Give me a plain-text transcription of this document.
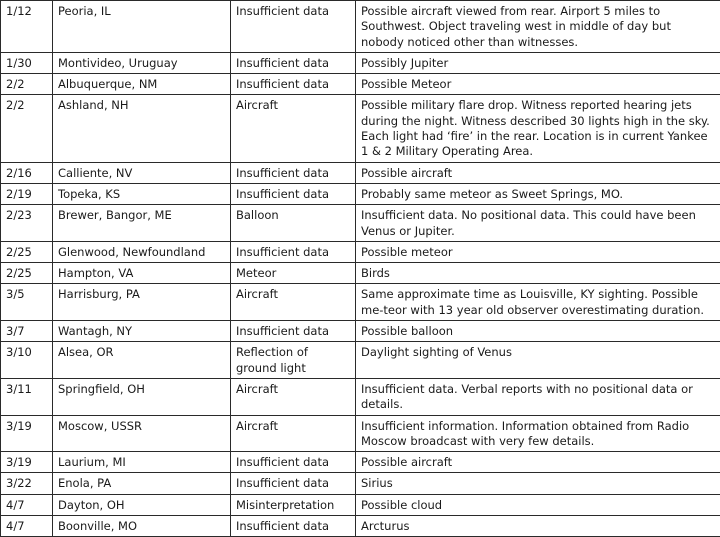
1/12	Peoria, IL	Insufficient data	Possible aircraft viewed from rear. Airport 5 miles to Southwest. Object traveling west in middle of day but nobody noticed other than witnesses.
1/30	Montivideo, Uruguay	Insufficient data	Possibly Jupiter
2/2	Albuquerque, NM	Insufficient data	Possible Meteor
2/2	Ashland, NH	Aircraft	Possible military flare drop. Witness reported hearing jets during the night. Witness described 30 lights high in the sky. Each light had ‘fire’ in the rear. Location is in current Yankee 1 & 2 Military Operating Area.
2/16	Calliente, NV	Insufficient data	Possible aircraft
2/19	Topeka, KS	Insufficient data	Probably same meteor as Sweet Springs, MO.
2/23	Brewer, Bangor, ME	Balloon	Insufficient data. No positional data. This could have been Venus or Jupiter.
2/25	Glenwood, Newfoundland	Insufficient data	Possible meteor
2/25	Hampton, VA	Meteor	Birds
3/5	Harrisburg, PA	Aircraft	Same approximate time as Louisville, KY sighting. Possible me-teor with 13 year old observer overestimating duration.
3/7	Wantagh, NY	Insufficient data	Possible balloon
3/10	Alsea, OR	Reflection of ground light	Daylight sighting of Venus
3/11	Springfield, OH	Aircraft	Insufficient data. Verbal reports with no positional data or details.
3/19	Moscow, USSR	Aircraft	Insufficient information. Information obtained from Radio Moscow broadcast with very few details.
3/19	Laurium, MI	Insufficient data	Possible aircraft
3/22	Enola, PA	Insufficient data	Sirius
4/7	Dayton, OH	Misinterpretation	Possible cloud
4/7	Boonville, MO	Insufficient data	Arcturus
